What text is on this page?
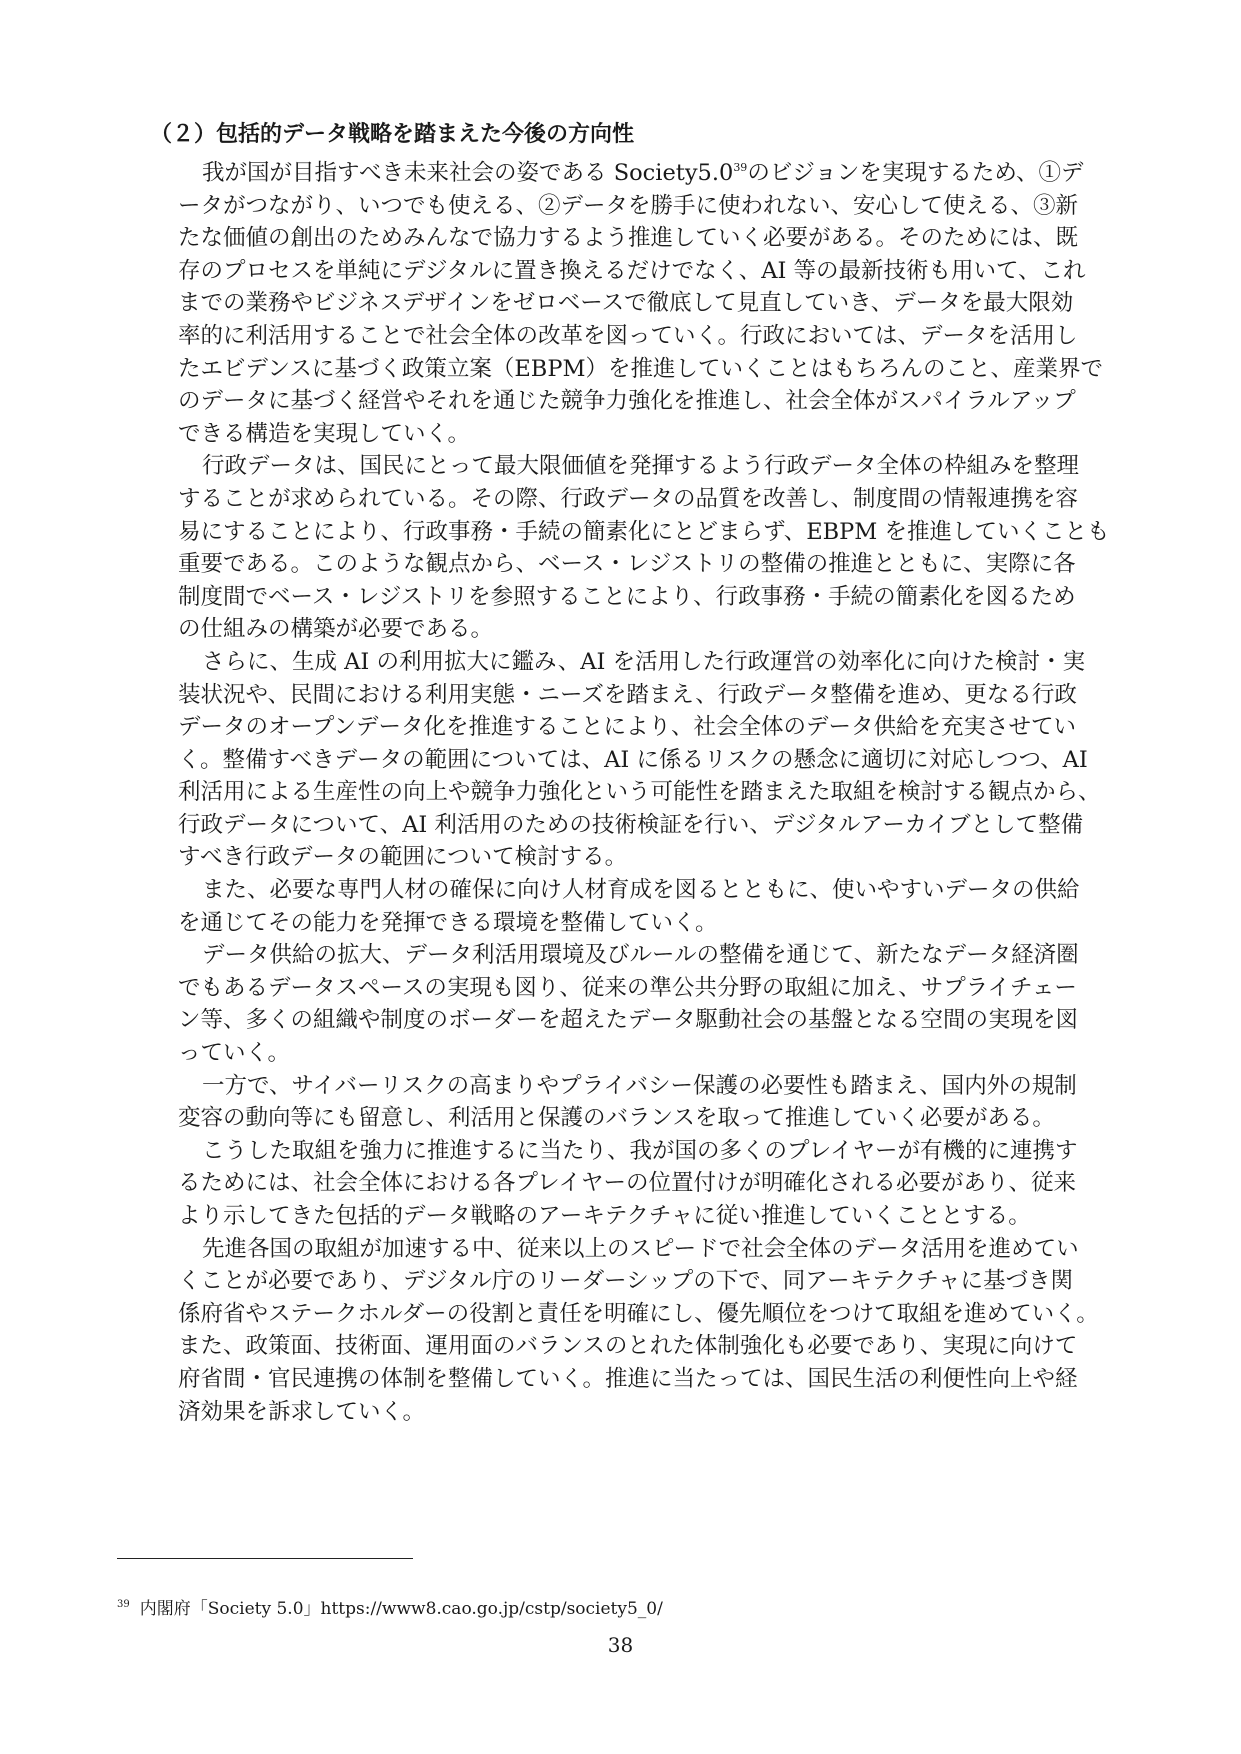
（２）包括的データ戦略を踏まえた今後の方向性
我が国が目指すべき未来社会の姿である Society5.0$^{39}$のビジョンを実現するため、①デ
ータがつながり、いつでも使える、②データを勝手に使われない、安心して使える、③新
たな価値の創出のためみんなで協力するよう推進していく必要がある。そのためには、既
存のプロセスを単純にデジタルに置き換えるだけでなく、AI 等の最新技術も用いて、これ
までの業務やビジネスデザインをゼロベースで徹底して見直していき、データを最大限効
率的に利活用することで社会全体の改革を図っていく。行政においては、データを活用し
たエビデンスに基づく政策立案（EBPM）を推進していくことはもちろんのこと、産業界で
のデータに基づく経営やそれを通じた競争力強化を推進し、社会全体がスパイラルアップ
できる構造を実現していく。
行政データは、国民にとって最大限価値を発揮するよう行政データ全体の枠組みを整理
することが求められている。その際、行政データの品質を改善し、制度間の情報連携を容
易にすることにより、行政事務・手続の簡素化にとどまらず、EBPM を推進していくことも
重要である。このような観点から、ベース・レジストリの整備の推進とともに、実際に各
制度間でベース・レジストリを参照することにより、行政事務・手続の簡素化を図るため
の仕組みの構築が必要である。
さらに、生成 AI の利用拡大に鑑み、AI を活用した行政運営の効率化に向けた検討・実
装状況や、民間における利用実態・ニーズを踏まえ、行政データ整備を進め、更なる行政
データのオープンデータ化を推進することにより、社会全体のデータ供給を充実させてい
く。整備すべきデータの範囲については、AI に係るリスクの懸念に適切に対応しつつ、AI
利活用による生産性の向上や競争力強化という可能性を踏まえた取組を検討する観点から、
行政データについて、AI 利活用のための技術検証を行い、デジタルアーカイブとして整備
すべき行政データの範囲について検討する。
また、必要な専門人材の確保に向け人材育成を図るとともに、使いやすいデータの供給
を通じてその能力を発揮できる環境を整備していく。
データ供給の拡大、データ利活用環境及びルールの整備を通じて、新たなデータ経済圏
でもあるデータスペースの実現も図り、従来の準公共分野の取組に加え、サプライチェー
ン等、多くの組織や制度のボーダーを超えたデータ駆動社会の基盤となる空間の実現を図
っていく。
一方で、サイバーリスクの高まりやプライバシー保護の必要性も踏まえ、国内外の規制
変容の動向等にも留意し、利活用と保護のバランスを取って推進していく必要がある。
こうした取組を強力に推進するに当たり、我が国の多くのプレイヤーが有機的に連携す
るためには、社会全体における各プレイヤーの位置付けが明確化される必要があり、従来
より示してきた包括的データ戦略のアーキテクチャに従い推進していくこととする。
先進各国の取組が加速する中、従来以上のスピードで社会全体のデータ活用を進めてい
くことが必要であり、デジタル庁のリーダーシップの下で、同アーキテクチャに基づき関
係府省やステークホルダーの役割と責任を明確にし、優先順位をつけて取組を進めていく。
また、政策面、技術面、運用面のバランスのとれた体制強化も必要であり、実現に向けて
府省間・官民連携の体制を整備していく。推進に当たっては、国民生活の利便性向上や経
済効果を訴求していく。
$^{39}$ 内閣府「Society 5.0」https://www8.cao.go.jp/cstp/society5_0/
38
